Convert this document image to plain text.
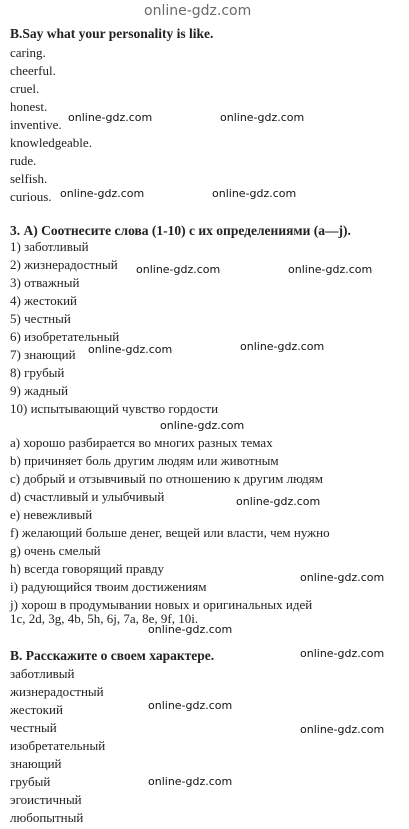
online-gdz.com
B.Say what your personality is like.
caring.
cheerful.
cruel.
honest.
inventive.
knowledgeable.
rude.
selfish.
curious.
3. А) Соотнесите слова (1-10) с их определениями (a—j).
1) заботливый
2) жизнерадостный
3) отважный
4) жестокий
5) честный
6) изобретательный
7) знающий
8) грубый
9) жадный
10) испытывающий чувство гордости
a) хорошо разбирается во многих разных темах
b) причиняет боль другим людям или животным
c) добрый и отзывчивый по отношению к другим людям
d) счастливый и улыбчивый
e) невежливый
f) желающий больше денег, вещей или власти, чем нужно
g) очень смелый
h) всегда говорящий правду
i) радующийся твоим достижениям
j) хорош в продумывании новых и оригинальных идей
1c, 2d, 3g, 4b, 5h, 6j, 7a, 8e, 9f, 10i.
B. Расскажите о своем характере.
заботливый
жизнерадостный
жестокий
честный
изобретательный
знающий
грубый
эгоистичный
любопытный
online-gdz.com	online-gdz.com
online-gdz.com	online-gdz.com
online-gdz.com	online-gdz.com
online-gdz.com	online-gdz.com
online-gdz.com
online-gdz.com
online-gdz.com
online-gdz.com
online-gdz.com
online-gdz.com
online-gdz.com
online-gdz.com
